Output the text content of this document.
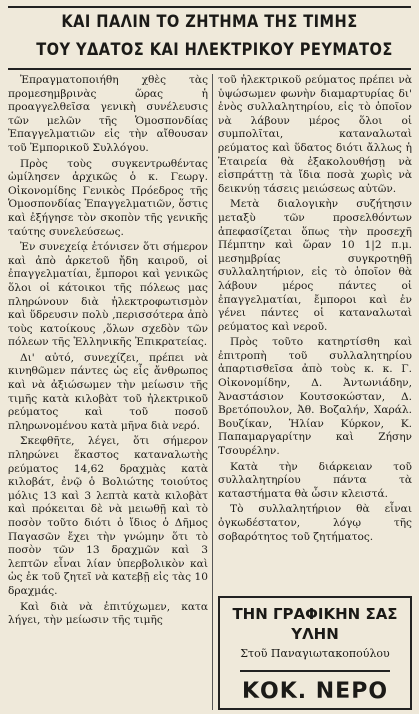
ΚΑΙ ΠΑΛΙΝ ΤΟ ΖΗΤΗΜΑ ΤΗΣ ΤΙΜΗΣ
ΤΟΥ ΥΔΑΤΟΣ ΚΑΙ ΗΛΕΚΤΡΙΚΟΥ ΡΕΥΜΑΤΟΣ

Ἐπραγματοποιήθη χθὲς τὰς προμεσημβρινὰς ὥρας ἡ προαγγελθεῖσα γενικὴ συνέλευσις τῶν μελῶν τῆς Ὁμοσπονδίας Ἐπαγγελματιῶν εἰς τὴν αἴθουσαν τοῦ Ἐμπορικοῦ Συλλόγου.

Πρὸς τοὺς συγκεντρωθέντας ὡμίλησεν ἀρχικῶς ὁ κ. Γεωργ. Οἰκονομίδης Γενικὸς Πρόεδρος τῆς Ὁμοσπονδίας Ἐπαγγελματιῶν, ὅστις καὶ ἐξήγησε τὸν σκοπὸν τῆς γενικῆς ταύτης συνελεύσεως.

Ἐν συνεχείᾳ ἐτόνισεν ὅτι σήμερον καὶ ἀπὸ ἀρκετοῦ ἤδη καιροῦ, οἱ ἐπαγγελματίαι, ἔμποροι καὶ γενικῶς ὅλοι οἱ κάτοικοι τῆς πόλεως μας πληρώνουν διὰ ἠλεκτροφωτισμὸν καὶ ὕδρευσιν πολὺ ,περισσότερα ἀπὸ τοὺς κατοίκους ,ὅλων σχεδὸν τῶν πόλεων τῆς Ἑλληνικῆς Ἐπικρατείας.

Δι' αὐτό, συνεχίζει, πρέπει νὰ κινηθῶμεν πάντες ὡς εἷς ἄνθρωπος καὶ νὰ ἀξιώσωμεν τὴν μείωσιν τῆς τιμῆς κατὰ κιλοβὰτ τοῦ ἠλεκτρικοῦ ρεύματος καὶ τοῦ ποσοῦ πληρωνομένου κατὰ μῆνα διὰ νερό.

Σκεφθῆτε, λέγει, ὅτι σήμερον πληρώνει ἕκαστος καταναλωτὴς ρεύματος 14,62 δραχμὰς κατὰ κιλοβάτ, ἐνῷ ὁ Βολιώτης τοιούτος μόλις 13 καὶ 3 λεπτὰ κατὰ κιλοβὰτ καὶ πρόκειται δὲ νὰ μειωθῇ καὶ τὸ ποσὸν τοῦτο διότι ὁ ἴδιος ὁ Δῆμος Παγασῶν ἔχει τὴν γνώμην ὅτι τὸ ποσὸν τῶν 13 δραχμῶν καὶ 3 λεπτῶν εἶναι λίαν ὑπερβολικὸν καὶ ὡς ἐκ τοῦ ζητεῖ νὰ κατεβῇ εἰς τὰς 10 δραχμάς.

Καὶ διὰ νὰ ἐπιτύχωμεν, κατα λήγει, τὴν μείωσιν τῆς τιμῆς

τοῦ ἠλεκτρικοῦ ρεύματος πρέπει νὰ ὑψώσωμεν φωνὴν διαμαρτυρίας δι' ἑνὸς συλλαλητηρίου, εἰς τὸ ὁποῖον νὰ λάβουν μέρος ὅλοι οἱ συμπολῖται, καταναλωταὶ ρεύματος καὶ ὕδατος διότι ἄλλως ἡ Ἑταιρεία θὰ ἐξακολουθήσῃ νὰ εἰσπράττῃ τὰ ἴδια ποσὰ χωρὶς νὰ δεικνύῃ τάσεις μειώσεως αὐτῶν.

Μετὰ διαλογικὴν συζήτησιν μεταξὺ τῶν προσελθόντων ἀπεφασίζεται ὅπως τὴν προσεχῆ Πέμπτην καὶ ὥραν 10 1|2 π.μ. μεσημβρίας συγκροτηθῇ συλλαλητήριον, εἰς τὸ ὁποῖον θὰ λάβουν μέρος πάντες οἱ ἐπαγγελματίαι, ἔμποροι καὶ ἐν γένει πάντες οἱ καταναλωταὶ ρεύματος καὶ νεροῦ.

Πρὸς τοῦτο κατηρτίσθη καὶ ἐπιτροπὴ τοῦ συλλαλητηρίου ἀπαρτισθεῖσα ἀπὸ τοὺς κ. κ. Γ. Οἰκονομίδην, Δ. Ἀντωνιάδην, Ἀναστάσιον Κουτσοκώσταν, Δ. Βρετόπουλον, Ἀθ. Βοζαλήν, Χαράλ. Βουζίκαν, Ἡλίαν Κύρκον, Κ. Παπαμαργαρίτην καὶ Ζήσην Τσουρέλην.

Κατὰ τὴν διάρκειαν τοῦ συλλαλητηρίου πάντα τὰ καταστήματα θὰ ὦσιν κλειστά.

Τὸ συλλαλητήριον θὰ εἶναι ὀγκωδέστατον, λόγῳ τῆς σοβαρότητος τοῦ ζητήματος.

ΤΗΝ ΓΡΑΦΙΚΗΝ ΣΑΣ
ΥΛΗΝ
Στοῦ Παναγιωτακοπούλου
ΚΟΚ. ΝΕΡΟ
